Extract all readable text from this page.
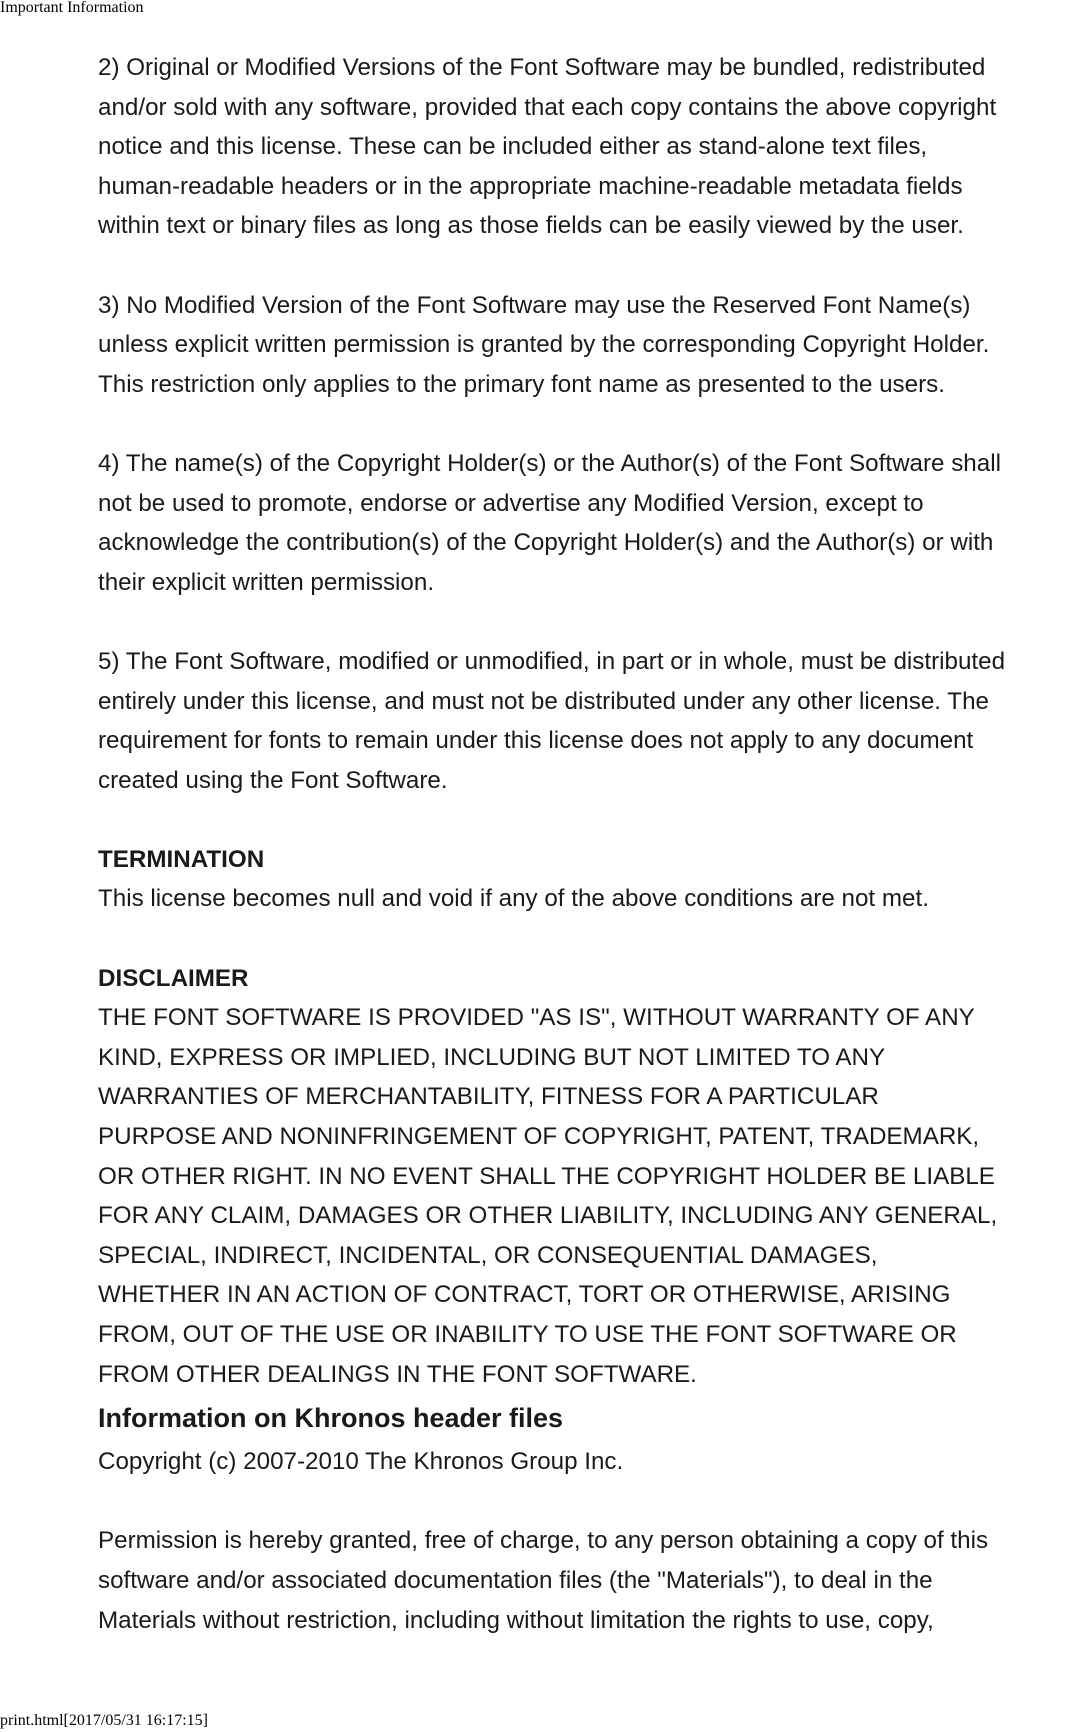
Important Information

2) Original or Modified Versions of the Font Software may be bundled, redistributed
and/or sold with any software, provided that each copy contains the above copyright
notice and this license. These can be included either as stand-alone text files,
human-readable headers or in the appropriate machine-readable metadata fields
within text or binary files as long as those fields can be easily viewed by the user.

3) No Modified Version of the Font Software may use the Reserved Font Name(s)
unless explicit written permission is granted by the corresponding Copyright Holder.
This restriction only applies to the primary font name as presented to the users.

4) The name(s) of the Copyright Holder(s) or the Author(s) of the Font Software shall
not be used to promote, endorse or advertise any Modified Version, except to
acknowledge the contribution(s) of the Copyright Holder(s) and the Author(s) or with
their explicit written permission.

5) The Font Software, modified or unmodified, in part or in whole, must be distributed
entirely under this license, and must not be distributed under any other license. The
requirement for fonts to remain under this license does not apply to any document
created using the Font Software.

TERMINATION

This license becomes null and void if any of the above conditions are not met.

DISCLAIMER

THE FONT SOFTWARE IS PROVIDED "AS IS", WITHOUT WARRANTY OF ANY
KIND, EXPRESS OR IMPLIED, INCLUDING BUT NOT LIMITED TO ANY
WARRANTIES OF MERCHANTABILITY, FITNESS FOR A PARTICULAR
PURPOSE AND NONINFRINGEMENT OF COPYRIGHT, PATENT, TRADEMARK,
OR OTHER RIGHT. IN NO EVENT SHALL THE COPYRIGHT HOLDER BE LIABLE
FOR ANY CLAIM, DAMAGES OR OTHER LIABILITY, INCLUDING ANY GENERAL,
SPECIAL, INDIRECT, INCIDENTAL, OR CONSEQUENTIAL DAMAGES,
WHETHER IN AN ACTION OF CONTRACT, TORT OR OTHERWISE, ARISING
FROM, OUT OF THE USE OR INABILITY TO USE THE FONT SOFTWARE OR
FROM OTHER DEALINGS IN THE FONT SOFTWARE.

Information on Khronos header files

Copyright (c) 2007-2010 The Khronos Group Inc.

Permission is hereby granted, free of charge, to any person obtaining a copy of this
software and/or associated documentation files (the "Materials"), to deal in the
Materials without restriction, including without limitation the rights to use, copy,

print.html[2017/05/31 16:17:15]
